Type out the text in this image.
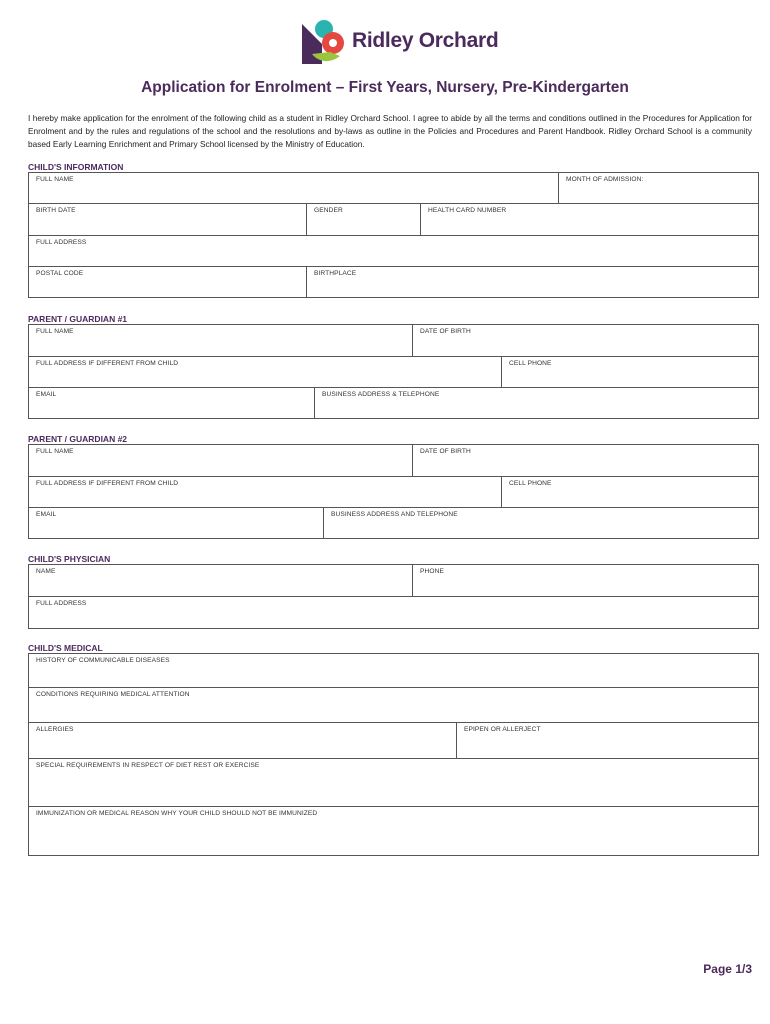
Ridley Orchard
Application for Enrolment – First Years, Nursery, Pre-Kindergarten
I hereby make application for the enrolment of the following child as a student in Ridley Orchard School. I agree to abide by all the terms and conditions outlined in the Procedures for Application for Enrolment and by the rules and regulations of the school and the resolutions and by-laws as outline in the Policies and Procedures and Parent Handbook. Ridley Orchard School is a community based Early Learning Enrichment and Primary School licensed by the Ministry of Education.
CHILD'S INFORMATION
FULL NAME			MONTH OF ADMISSION:
BIRTH DATE	GENDER	HEALTH CARD NUMBER	
FULL ADDRESS			
POSTAL CODE	BIRTHPLACE		
PARENT / GUARDIAN #1
FULL NAME		DATE OF BIRTH	
FULL ADDRESS IF DIFFERENT FROM CHILD			CELL PHONE
EMAIL	BUSINESS ADDRESS & TELEPHONE		
PARENT / GUARDIAN #2
FULL NAME		DATE OF BIRTH	
FULL ADDRESS IF DIFFERENT FROM CHILD			CELL PHONE
EMAIL	BUSINESS ADDRESS AND TELEPHONE		
CHILD'S PHYSICIAN
NAME	PHONE
FULL ADDRESS
CHILD'S MEDICAL
HISTORY OF COMMUNICABLE DISEASES
CONDITIONS REQUIRING MEDICAL ATTENTION
ALLERGIES	EPIPEN OR ALLERJECT
SPECIAL REQUIREMENTS IN RESPECT OF DIET REST OR EXERCISE
IMMUNIZATION OR MEDICAL REASON WHY YOUR CHILD SHOULD NOT BE IMMUNIZED
Page 1/3
